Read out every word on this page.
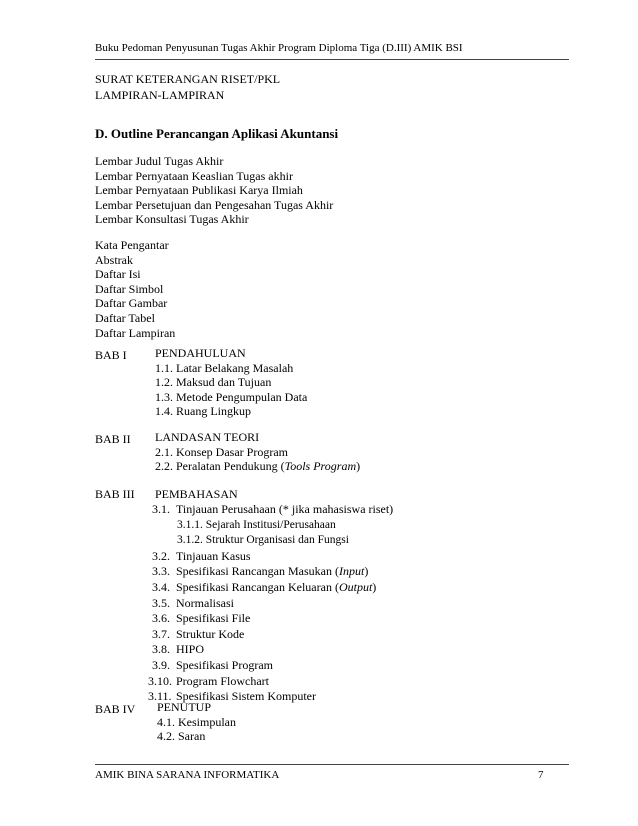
Buku Pedoman Penyusunan Tugas Akhir Program Diploma Tiga (D.III) AMIK BSI
SURAT KETERANGAN RISET/PKL
LAMPIRAN-LAMPIRAN
D. Outline Perancangan Aplikasi Akuntansi
Lembar Judul Tugas Akhir
Lembar Pernyataan Keaslian Tugas akhir
Lembar Pernyataan Publikasi Karya Ilmiah
Lembar Persetujuan dan Pengesahan Tugas Akhir
Lembar Konsultasi Tugas Akhir
Kata Pengantar
Abstrak
Daftar Isi
Daftar Simbol
Daftar Gambar
Daftar Tabel
Daftar Lampiran
BAB I PENDAHULUAN
1.1. Latar Belakang Masalah
1.2. Maksud dan Tujuan
1.3. Metode Pengumpulan Data
1.4. Ruang Lingkup
BAB II LANDASAN TEORI
2.1. Konsep Dasar Program
2.2. Peralatan Pendukung (Tools Program)
BAB III PEMBAHASAN
3.1. Tinjauan Perusahaan (* jika mahasiswa riset)
3.1.1. Sejarah Institusi/Perusahaan
3.1.2. Struktur Organisasi dan Fungsi
3.2. Tinjauan Kasus
3.3. Spesifikasi Rancangan Masukan (Input)
3.4. Spesifikasi Rancangan Keluaran (Output)
3.5. Normalisasi
3.6. Spesifikasi File
3.7. Struktur Kode
3.8. HIPO
3.9. Spesifikasi Program
3.10. Program Flowchart
3.11. Spesifikasi Sistem Komputer
BAB IV PENUTUP
4.1. Kesimpulan
4.2. Saran
AMIK BINA SARANA INFORMATIKA	7
